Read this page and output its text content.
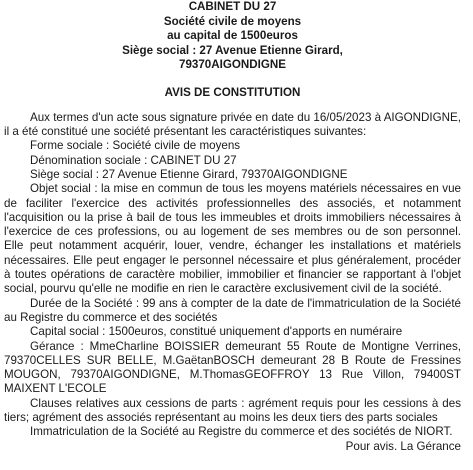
CABINET DU 27
Société civile de moyens
au capital de 1500euros
Siège social : 27 Avenue Etienne Girard,
79370AIGONDIGNE
AVIS DE CONSTITUTION

Aux termes d'un acte sous signature privée en date du 16/05/2023 à AIGONDIGNE, il a été constitué une société présentant les caractéristiques suivantes:

Forme sociale : Société civile de moyens

Dénomination sociale : CABINET DU 27

Siège social : 27 Avenue Etienne Girard, 79370AIGONDIGNE

Objet social : la mise en commun de tous les moyens matériels nécessaires en vue de faciliter l'exercice des activités professionnelles des associés, et notamment l'acquisition ou la prise à bail de tous les immeubles et droits immobiliers nécessaires à l'exercice de ces professions, ou au logement de ses membres ou de son personnel. Elle peut notamment acquérir, louer, vendre, échanger les installations et matériels nécessaires. Elle peut engager le personnel nécessaire et plus généralement, procéder à toutes opérations de caractère mobilier, immobilier et financier se rapportant à l'objet social, pourvu qu'elle ne modifie en rien le caractère exclusivement civil de la société.

Durée de la Société : 99 ans à compter de la date de l'immatriculation de la Société au Registre du commerce et des sociétés

Capital social : 1500euros, constitué uniquement d'apports en numéraire

Gérance : MmeCharline BOISSIER demeurant 55 Route de Montigne Verrines, 79370CELLES SUR BELLE, M.GaëtanBOSCH demeurant 28 B Route de Fressines MOUGON, 79370AIGONDIGNE, M.ThomasGEOFFROY 13 Rue Villon, 79400ST MAIXENT L'ECOLE

Clauses relatives aux cessions de parts : agrément requis pour les cessions à des tiers; agrément des associés représentant au moins les deux tiers des parts sociales

Immatriculation de la Société au Registre du commerce et des sociétés de NIORT.

Pour avis. La Gérance
